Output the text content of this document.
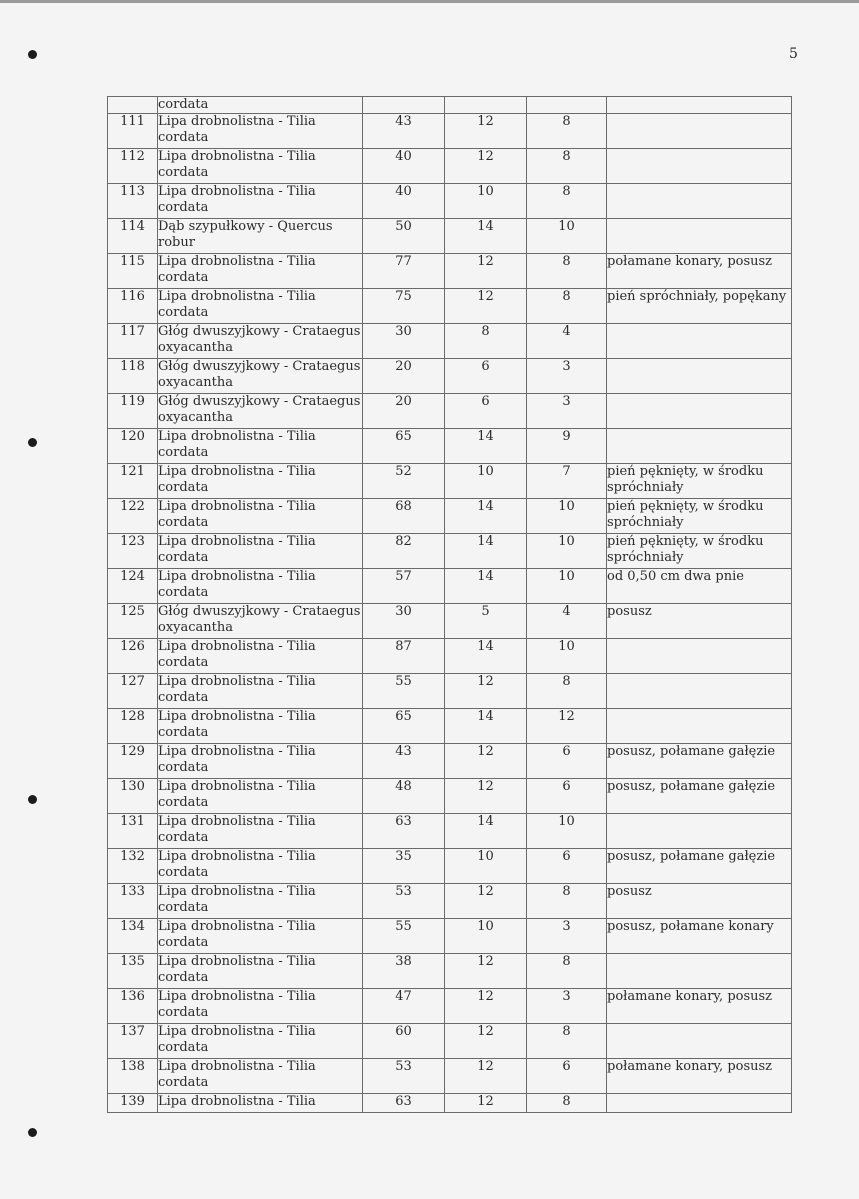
5
	cordata				
111	Lipa drobnolistna - Tilia cordata	43	12	8	
112	Lipa drobnolistna - Tilia cordata	40	12	8	
113	Lipa drobnolistna - Tilia cordata	40	10	8	
114	Dąb szypułkowy - Quercus robur	50	14	10	
115	Lipa drobnolistna - Tilia cordata	77	12	8	połamane konary, posusz
116	Lipa drobnolistna - Tilia cordata	75	12	8	pień spróchniały, popękany
117	Głóg dwuszyjkowy - Crataegus oxyacantha	30	8	4	
118	Głóg dwuszyjkowy - Crataegus oxyacantha	20	6	3	
119	Głóg dwuszyjkowy - Crataegus oxyacantha	20	6	3	
120	Lipa drobnolistna - Tilia cordata	65	14	9	
121	Lipa drobnolistna - Tilia cordata	52	10	7	pień pęknięty, w środku spróchniały
122	Lipa drobnolistna - Tilia cordata	68	14	10	pień pęknięty, w środku spróchniały
123	Lipa drobnolistna - Tilia cordata	82	14	10	pień pęknięty, w środku spróchniały
124	Lipa drobnolistna - Tilia cordata	57	14	10	od 0,50 cm dwa pnie
125	Głóg dwuszyjkowy - Crataegus oxyacantha	30	5	4	posusz
126	Lipa drobnolistna - Tilia cordata	87	14	10	
127	Lipa drobnolistna - Tilia cordata	55	12	8	
128	Lipa drobnolistna - Tilia cordata	65	14	12	
129	Lipa drobnolistna - Tilia cordata	43	12	6	posusz, połamane gałęzie
130	Lipa drobnolistna - Tilia cordata	48	12	6	posusz, połamane gałęzie
131	Lipa drobnolistna - Tilia cordata	63	14	10	
132	Lipa drobnolistna - Tilia cordata	35	10	6	posusz, połamane gałęzie
133	Lipa drobnolistna - Tilia cordata	53	12	8	posusz
134	Lipa drobnolistna - Tilia cordata	55	10	3	posusz, połamane konary
135	Lipa drobnolistna - Tilia cordata	38	12	8	
136	Lipa drobnolistna - Tilia cordata	47	12	3	połamane konary, posusz
137	Lipa drobnolistna - Tilia cordata	60	12	8	
138	Lipa drobnolistna - Tilia cordata	53	12	6	połamane konary, posusz
139	Lipa drobnolistna - Tilia	63	12	8	
